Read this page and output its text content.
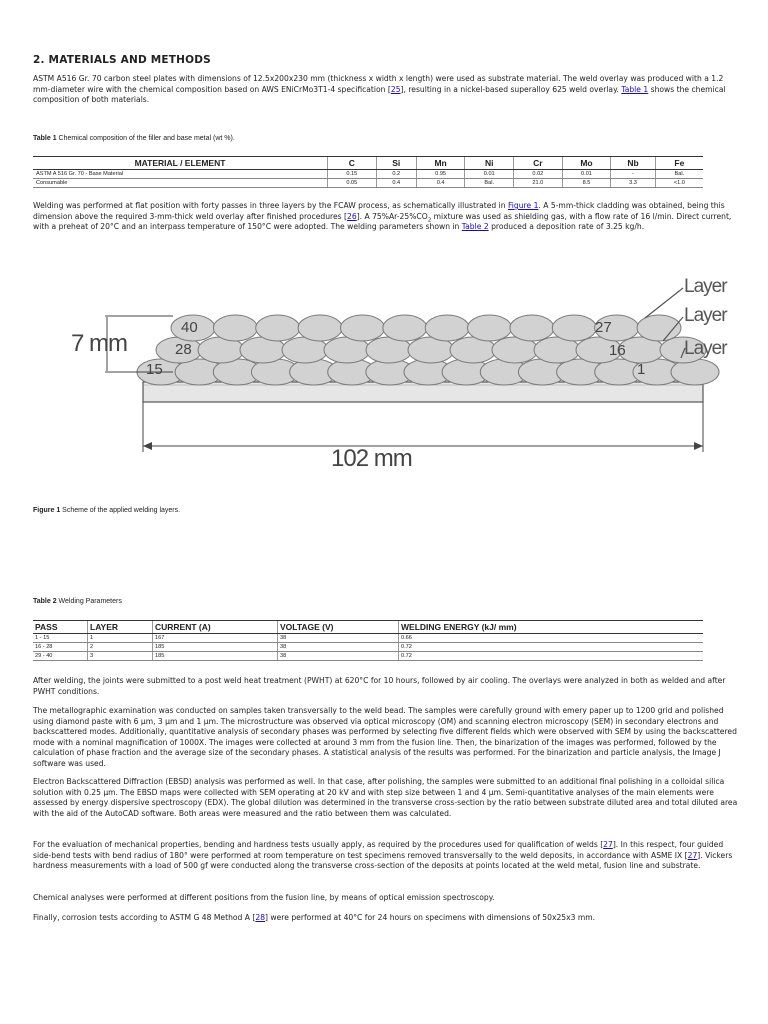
2. MATERIALS AND METHODS

ASTM A516 Gr. 70 carbon steel plates with dimensions of 12.5x200x230 mm (thickness x width x length) were used as substrate material. The weld overlay was produced with a 1.2 mm-diameter wire with the chemical composition based on AWS ENiCrMo3T1-4 specification [25], resulting in a nickel-based superalloy 625 weld overlay. Table 1 shows the chemical composition of both materials.

Table 1 Chemical composition of the filler and base metal (wt %).

Welding was performed at flat position with forty passes in three layers by the FCAW process, as schematically illustrated in Figure 1. A 5-mm-thick cladding was obtained, being this dimension above the required 3-mm-thick weld overlay after finished procedures [26]. A $75\%Ar-25\%CO_2$ mixture was used as shielding gas, with a flow rate of 16 l/min. Direct current, with a preheat of 20°C and an interpass temperature of 150°C were adopted. The welding parameters shown in Table 2 produced a deposition rate of 3.25 kg/h.

7 mm
102 mm
Layer
Layer
Layer
40
28
15
27
16
1

Figure 1 Scheme of the applied welding layers.

Table 2 Welding Parameters

After welding, the joints were submitted to a post weld heat treatment (PWHT) at 620°C for 10 hours, followed by air cooling. The overlays were analyzed in both as welded and after PWHT conditions.

The metallographic examination was conducted on samples taken transversally to the weld bead. The samples were carefully ground with emery paper up to 1200 grid and polished using diamond paste with 6 µm, 3 µm and 1 µm. The microstructure was observed via optical microscopy (OM) and scanning electron microscopy (SEM) in secondary electrons and backscattered modes. Additionally, quantitative analysis of secondary phases was performed by selecting five different fields which were observed with SEM by using the backscattered mode with a nominal magnification of 1000X. The images were collected at around 3 mm from the fusion line. Then, the binarization of the images was performed, followed by the calculation of phase fraction and the average size of the secondary phases. A statistical analysis of the results was performed. For the binarization and particle analysis, the Image J software was used.

Electron Backscattered Diffraction (EBSD) analysis was performed as well. In that case, after polishing, the samples were submitted to an additional final polishing in a colloidal silica solution with 0.25 µm. The EBSD maps were collected with SEM operating at 20 kV and with step size between 1 and 4 µm. Semi-quantitative analyses of the main elements were assessed by energy dispersive spectroscopy (EDX). The global dilution was determined in the transverse cross-section by the ratio between substrate diluted area and total diluted area with the aid of the AutoCAD software. Both areas were measured and the ratio between them was calculated.

For the evaluation of mechanical properties, bending and hardness tests usually apply, as required by the procedures used for qualification of welds [27]. In this respect, four guided side-bend tests with bend radius of 180° were performed at room temperature on test specimens removed transversally to the weld deposits, in accordance with ASME IX [27]. Vickers hardness measurements with a load of 500 gf were conducted along the transverse cross-section of the deposits at points located at the weld metal, fusion line and substrate.

Chemical analyses were performed at different positions from the fusion line, by means of optical emission spectroscopy.

Finally, corrosion tests according to ASTM G 48 Method A [28] were performed at 40°C for 24 hours on specimens with dimensions of 50x25x3 mm.

MATERIAL / ELEMENT	C	Si	Mn	Ni	Cr	Mo	Nb	Fe
ASTM A 516 Gr. 70 - Base Material	0.15	0.2	0.95	0.01	0.02	0.01	-	Bal.
Consumable	0.05	0.4	0.4	Bal.	21.0	8.5	3.3	<1.0
PASS	LAYER	CURRENT (A)	VOLTAGE (V)	WELDING ENERGY (kJ/ mm)
1 - 15	1	167	38	0.66
16 - 28	2	185	38	0.72
29 - 40	3	185	38	0.72
